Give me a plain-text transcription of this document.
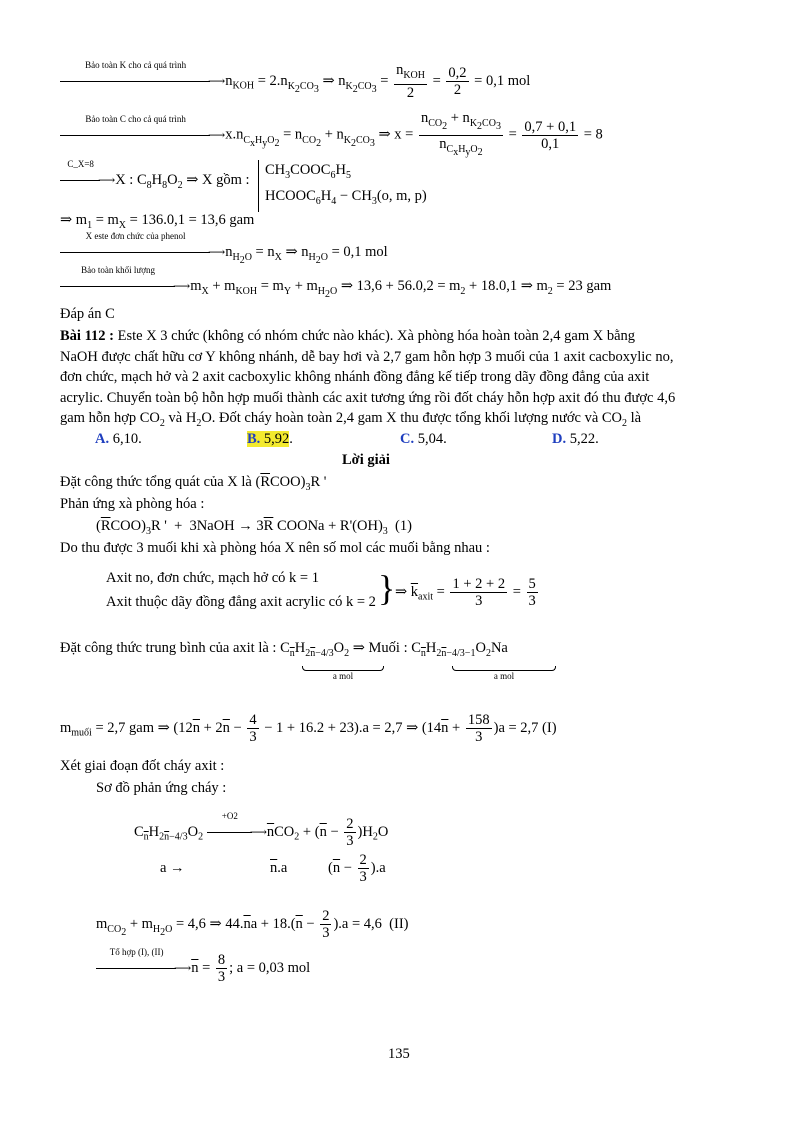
Bảo toàn K cho cả quá trình
$⟶n_{KOH} = 2.n_{K_2CO_3}$ ⇒ $n_{K_2CO_3} = \frac{n_{KOH}}{2} = \frac{0,2}{2} = 0,1$ mol
Bảo toàn C cho cả quá trình
$⟶x.n_{C_xH_yO_2} = n_{CO_2} + n_{K_2CO_3}$ ⇒ $x = \frac{n_{CO_2} + n_{K_2CO_3}}{n_{C_xH_yO_2}} = \frac{0,7 + 0,1}{0,1} = 8$
C_X=8
⟶X : $C_8H_8O_2$ ⇒ X gồm :
$CH_3COOC_6H_5$
$HCOOC_6H_4 - CH_3(o$, m, p)
⇒ $m_1 = m_X = 136.0,1 = 13,6$ gam
X este đơn chức của phenol
$⟶n_{H_2O} = n_X$ ⇒ $n_{H_2O} = 0,1$ mol
Bảo toàn khối lượng
$⟶m_X + m_{KOH} = m_Y + m_{H_2O}$ ⇒ $13,6 + 56.0,2 = m_2 + 18.0,1$ ⇒ $m_2 = 23$ gam
Đáp án C
Bài 112 : Este X 3 chức (không có nhóm chức nào khác). Xà phòng hóa hoàn toàn 2,4 gam X bằng
NaOH được chất hữu cơ Y không nhánh, dễ bay hơi và 2,7 gam hỗn hợp 3 muối của 1 axit cacboxylic no,
đơn chức, mạch hở và 2 axit cacboxylic không nhánh đồng đẳng kế tiếp trong dãy đồng đẳng của axit
acrylic. Chuyển toàn bộ hỗn hợp muối thành các axit tương ứng rồi đốt cháy hỗn hợp axit đó thu được 4,6
gam hỗn hợp $CO_2$ và $H_2O$. Đốt cháy hoàn toàn 2,4 gam X thu được tổng khối lượng nước và $CO_2$ là
A. 6,10.	B. 5,92.	C. 5,04.	D. 5,22.
Lời giải
Đặt công thức tổng quát của X là $(\overline{R}COO)_3R$ '
Phản ứng xà phòng hóa :
$(\overline{R}COO)_3R$ '  +  3NaOH → $3\overline{R}$ COONa + $R'(OH)_3$  (1)
Do thu được 3 muối khi xà phòng hóa X nên số mol các muối bằng nhau :
Axit no, đơn chức, mạch hở có k = 1
Axit thuộc dãy đồng đẳng axit acrylic có k = 2 } ⇒ $\overline{k}_{axit} = \frac{1 + 2 + 2}{3} = \frac{5}{3}$
Đặt công thức trung bình của axit là : $C_{\overline{n}}H_{2\overline{n}-4/3}O_2$ ⇒ Muối : $C_{\overline{n}}H_{2\overline{n}-4/3-1}O_2Na$
a mol	a mol
$m_{muối} = 2,7$ gam ⇒ $(12\overline{n} + 2\overline{n} - \frac{4}{3} - 1 + 16.2 + 23).a = 2,7$ ⇒ $(14\overline{n} + \frac{158}{3} )a = 2,7$ (I)
Xét giai đoạn đốt cháy axit :
Sơ đồ phản ứng cháy :
$C_{\overline{n}}H_{2\overline{n}-4/3}O_2$
+O2
$⟶\overline{n}CO_2 + (\overline{n} - \frac{2}{3} )H_2O$
a →	$\overline{n}.a$	$(\overline{n} - \frac{2}{3} ).a$
$m_{CO_2} + m_{H_2O} = 4,6$ ⇒ $44.\overline{n}a + 18.(\overline{n} - \frac{2}{3} ).a = 4,6$  (II)
Tổ hợp (I), (II)
$⟶\overline{n} = \frac{8}{3}$ ; a = 0,03 mol
135
